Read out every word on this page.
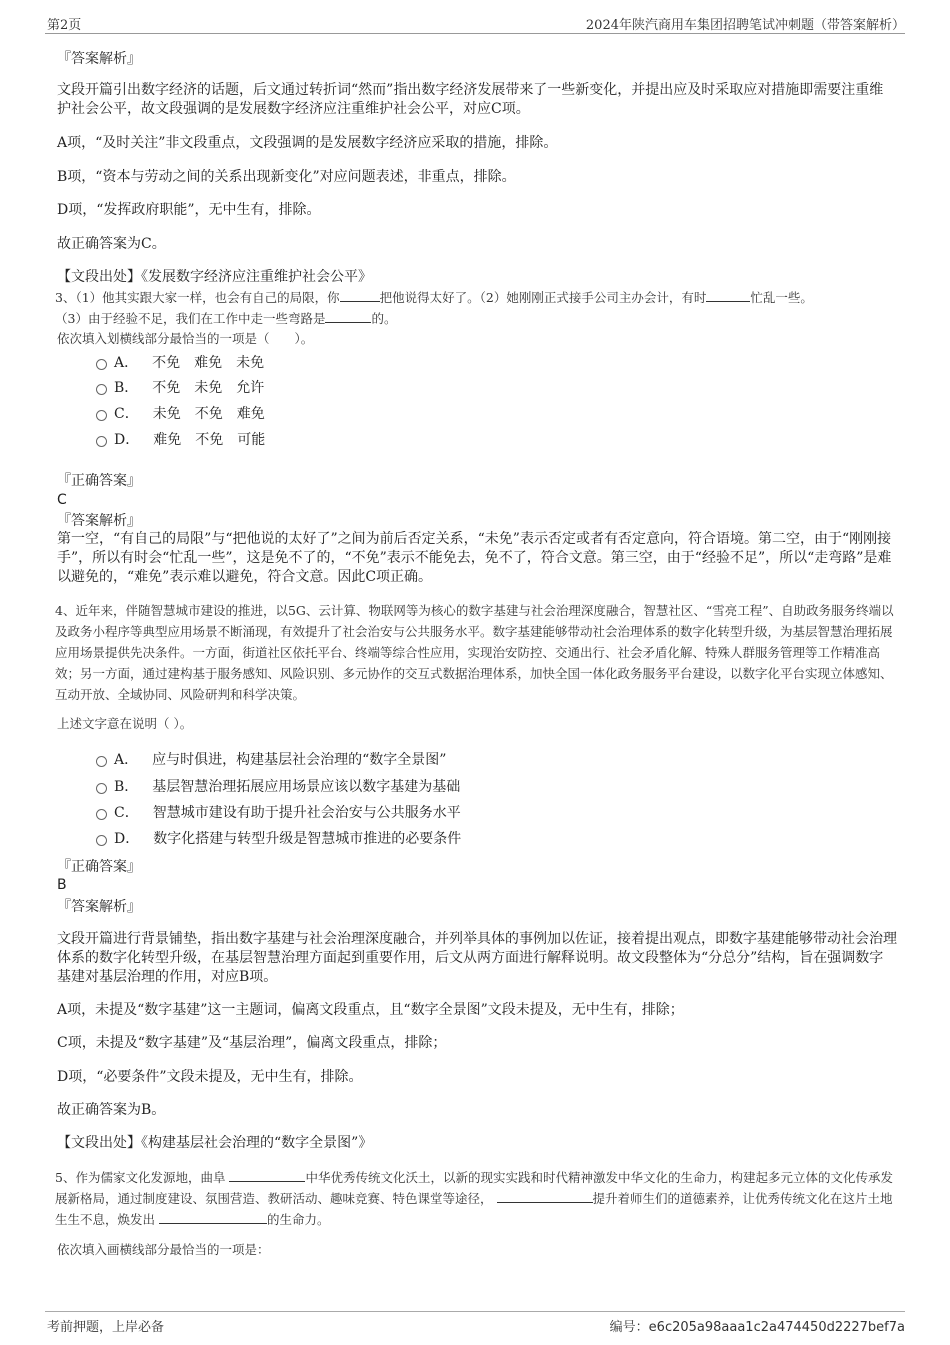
第2页	2024年陕汽商用车集团招聘笔试冲刺题（带答案解析）
『答案解析』
文段开篇引出数字经济的话题，后文通过转折词“然而”指出数字经济发展带来了一些新变化，并提出应及时采取应对措施即需要注重维护社会公平，故文段强调的是发展数字经济应注重维护社会公平，对应C项。
A项，“及时关注”非文段重点，文段强调的是发展数字经济应采取的措施，排除。
B项，“资本与劳动之间的关系出现新变化”对应问题表述，非重点，排除。
D项，“发挥政府职能”，无中生有，排除。
故正确答案为C。
【文段出处】《发展数字经济应注重维护社会公平》
3、（1）他其实跟大家一样，也会有自己的局限，你	把他说得太好了。（2）她刚刚正式接手公司主办会计，有时	忙乱一些。
（3）由于经验不足，我们在工作中走一些弯路是	的。
依次填入划横线部分最恰当的一项是（　　）。
A． 不免　难免　未免
B． 不免　未免　允许
C． 未免　不免　难免
D． 难免　不免　可能
『正确答案』
C
『答案解析』
第一空，“有自己的局限”与“把他说的太好了”之间为前后否定关系，“未免”表示否定或者有否定意向，符合语境。第二空，由于“刚刚接手”，所以有时会“忙乱一些”，这是免不了的，“不免”表示不能免去，免不了，符合文意。第三空，由于“经验不足”，所以“走弯路”是难以避免的，“难免”表示难以避免，符合文意。因此C项正确。
4、近年来，伴随智慧城市建设的推进，以5G、云计算、物联网等为核心的数字基建与社会治理深度融合，智慧社区、“雪亮工程”、自助政务服务终端以及政务小程序等典型应用场景不断涌现，有效提升了社会治安与公共服务水平。数字基建能够带动社会治理体系的数字化转型升级，为基层智慧治理拓展应用场景提供先决条件。一方面，街道社区依托平台、终端等综合性应用，实现治安防控、交通出行、社会矛盾化解、特殊人群服务管理等工作精准高效；另一方面，通过建构基于服务感知、风险识别、多元协作的交互式数据治理体系，加快全国一体化政务服务平台建设，以数字化平台实现立体感知、互动开放、全域协同、风险研判和科学决策。
上述文字意在说明（ ）。
A． 应与时俱进，构建基层社会治理的“数字全景图”
B． 基层智慧治理拓展应用场景应该以数字基建为基础
C． 智慧城市建设有助于提升社会治安与公共服务水平
D． 数字化搭建与转型升级是智慧城市推进的必要条件
『正确答案』
B
『答案解析』
文段开篇进行背景铺垫，指出数字基建与社会治理深度融合，并列举具体的事例加以佐证，接着提出观点，即数字基建能够带动社会治理体系的数字化转型升级，在基层智慧治理方面起到重要作用，后文从两方面进行解释说明。故文段整体为“分总分”结构，旨在强调数字基建对基层治理的作用，对应B项。
A项，未提及“数字基建”这一主题词，偏离文段重点，且“数字全景图”文段未提及，无中生有，排除；
C项，未提及“数字基建”及“基层治理”，偏离文段重点，排除；
D项，“必要条件”文段未提及，无中生有，排除。
故正确答案为B。
【文段出处】《构建基层社会治理的“数字全景图”》
5、作为儒家文化发源地，曲阜	中华优秀传统文化沃土，以新的现实实践和时代精神激发中华文化的生命力，构建起多元立体的文化传承发展新格局，通过制度建设、氛围营造、教研活动、趣味竞赛、特色课堂等途径，	提升着师生们的道德素养，让优秀传统文化在这片土地生生不息，焕发出	的生命力。
依次填入画横线部分最恰当的一项是：
考前押题，上岸必备	编号：e6c205a98aaa1c2a474450d2227bef7a
